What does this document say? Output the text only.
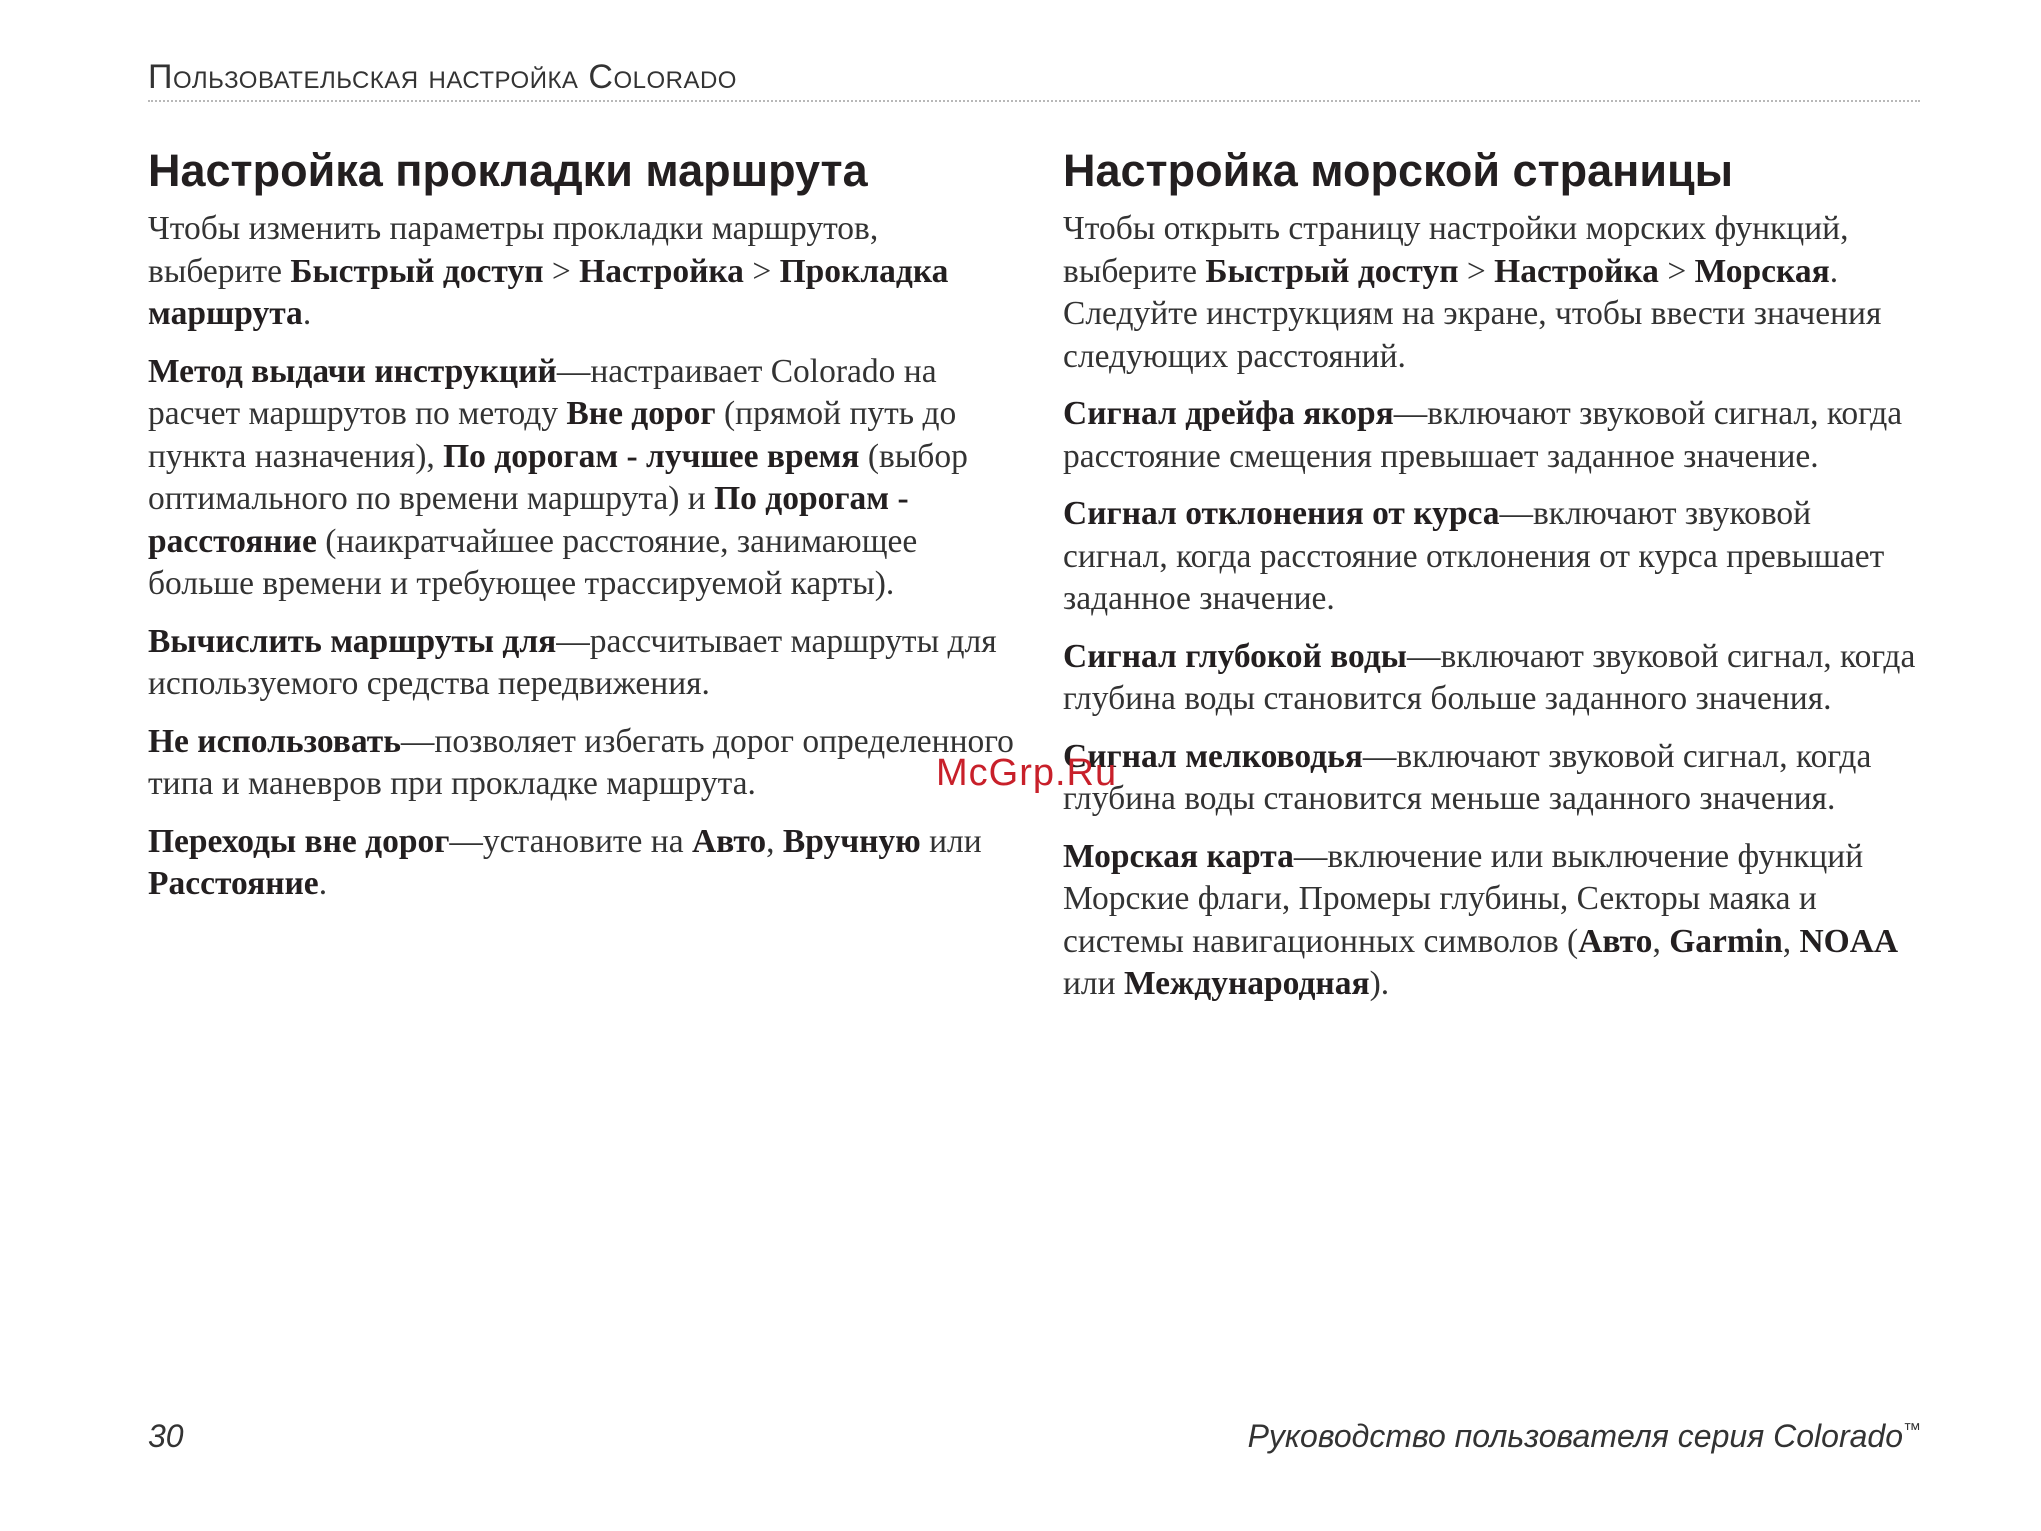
Пользовательская настройка Colorado
Настройка прокладки маршрута

Чтобы изменить параметры прокладки маршрутов, выберите Быстрый доступ > Настройка > Прокладка маршрута.

Метод выдачи инструкций—настраивает Colorado на расчет маршрутов по методу Вне дорог (прямой путь до пункта назначения), По дорогам - лучшее время (выбор оптимального по времени маршрута) и По дорогам - расстояние (наикратчайшее расстояние, занимающее больше времени и требующее трассируемой карты).

Вычислить маршруты для—рассчитывает маршруты для используемого средства передвижения.

Не использовать—позволяет избегать дорог определенного типа и маневров при прокладке маршрута.

Переходы вне дорог—установите на Авто, Вручную или Расстояние.

Настройка морской страницы

Чтобы открыть страницу настройки морских функций, выберите Быстрый доступ > Настройка > Морская. Следуйте инструкциям на экране, чтобы ввести значения следующих расстояний.

Сигнал дрейфа якоря—включают звуковой сигнал, когда расстояние смещения превышает заданное значение.

Сигнал отклонения от курса—включают звуковой сигнал, когда расстояние отклонения от курса превышает заданное значение.

Сигнал глубокой воды—включают звуковой сигнал, когда глубина воды становится больше заданного значения.

Сигнал мелководья—включают звуковой сигнал, когда глубина воды становится меньше заданного значения.

Морская карта—включение или выключение функций Морские флаги, Промеры глубины, Секторы маяка и системы навигационных символов (Авто, Garmin, NOAA или Международная).

McGrp.Ru
30	Руководство пользователя серия Colorado™
